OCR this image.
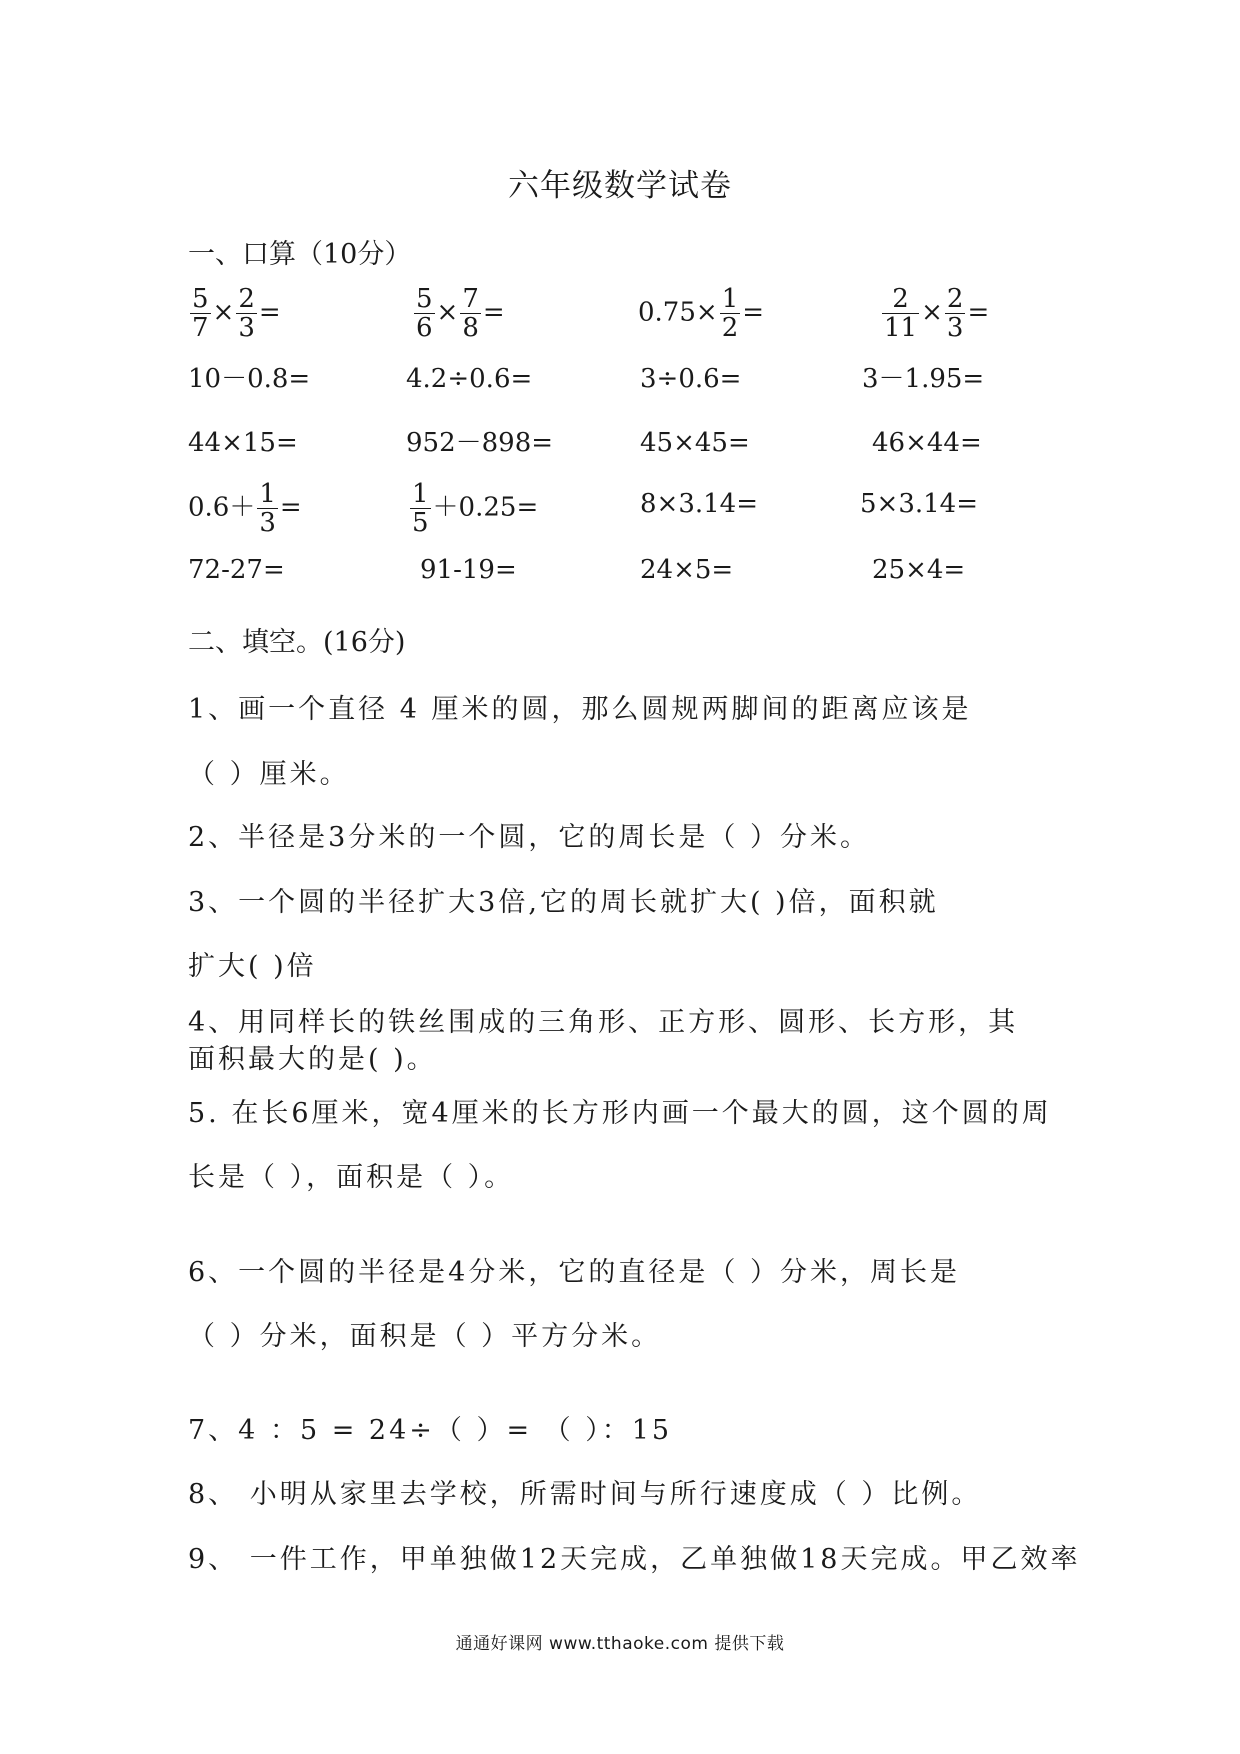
六年级数学试卷
一、口算（10分）
$\frac{5}{7} \times \frac{2}{3}$ =	$\frac{5}{6} \times \frac{7}{8}$ =	$0.75\times \frac{1}{2}$ =	$\frac{2}{11} \times \frac{2}{3}$ =
10－0.8=	4.2÷0.6=	3÷0.6=	3－1.95=
44×15=	952－898=	45×45=	46×44=
$0.6+ \frac{1}{3}$ =	$\frac{1}{5} +0.25=$	8×3.14=	5×3.14=
72-27=	91-19=	24×5=	25×4=
二、填空。(16分)
1、画一个直径 4 厘米的圆，那么圆规两脚间的距离应该是
（ ）厘米。
2、半径是3分米的一个圆，它的周长是（ ）分米。
3、一个圆的半径扩大3倍,它的周长就扩大( )倍，面积就
扩大( )倍
4、用同样长的铁丝围成的三角形、正方形、圆形、长方形，其
面积最大的是( )。
5. 在长6厘米，宽4厘米的长方形内画一个最大的圆，这个圆的周
长是（ ），面积是（ ）。
6、一个圆的半径是4分米，它的直径是（ ）分米，周长是
（ ）分米，面积是（ ）平方分米。
7、4 ：5 = 24÷（ ）= （ ）：15
8、 小明从家里去学校，所需时间与所行速度成（ ）比例。
9、 一件工作，甲单独做12天完成，乙单独做18天完成。甲乙效率
通通好课网 www.tthaoke.com 提供下载
